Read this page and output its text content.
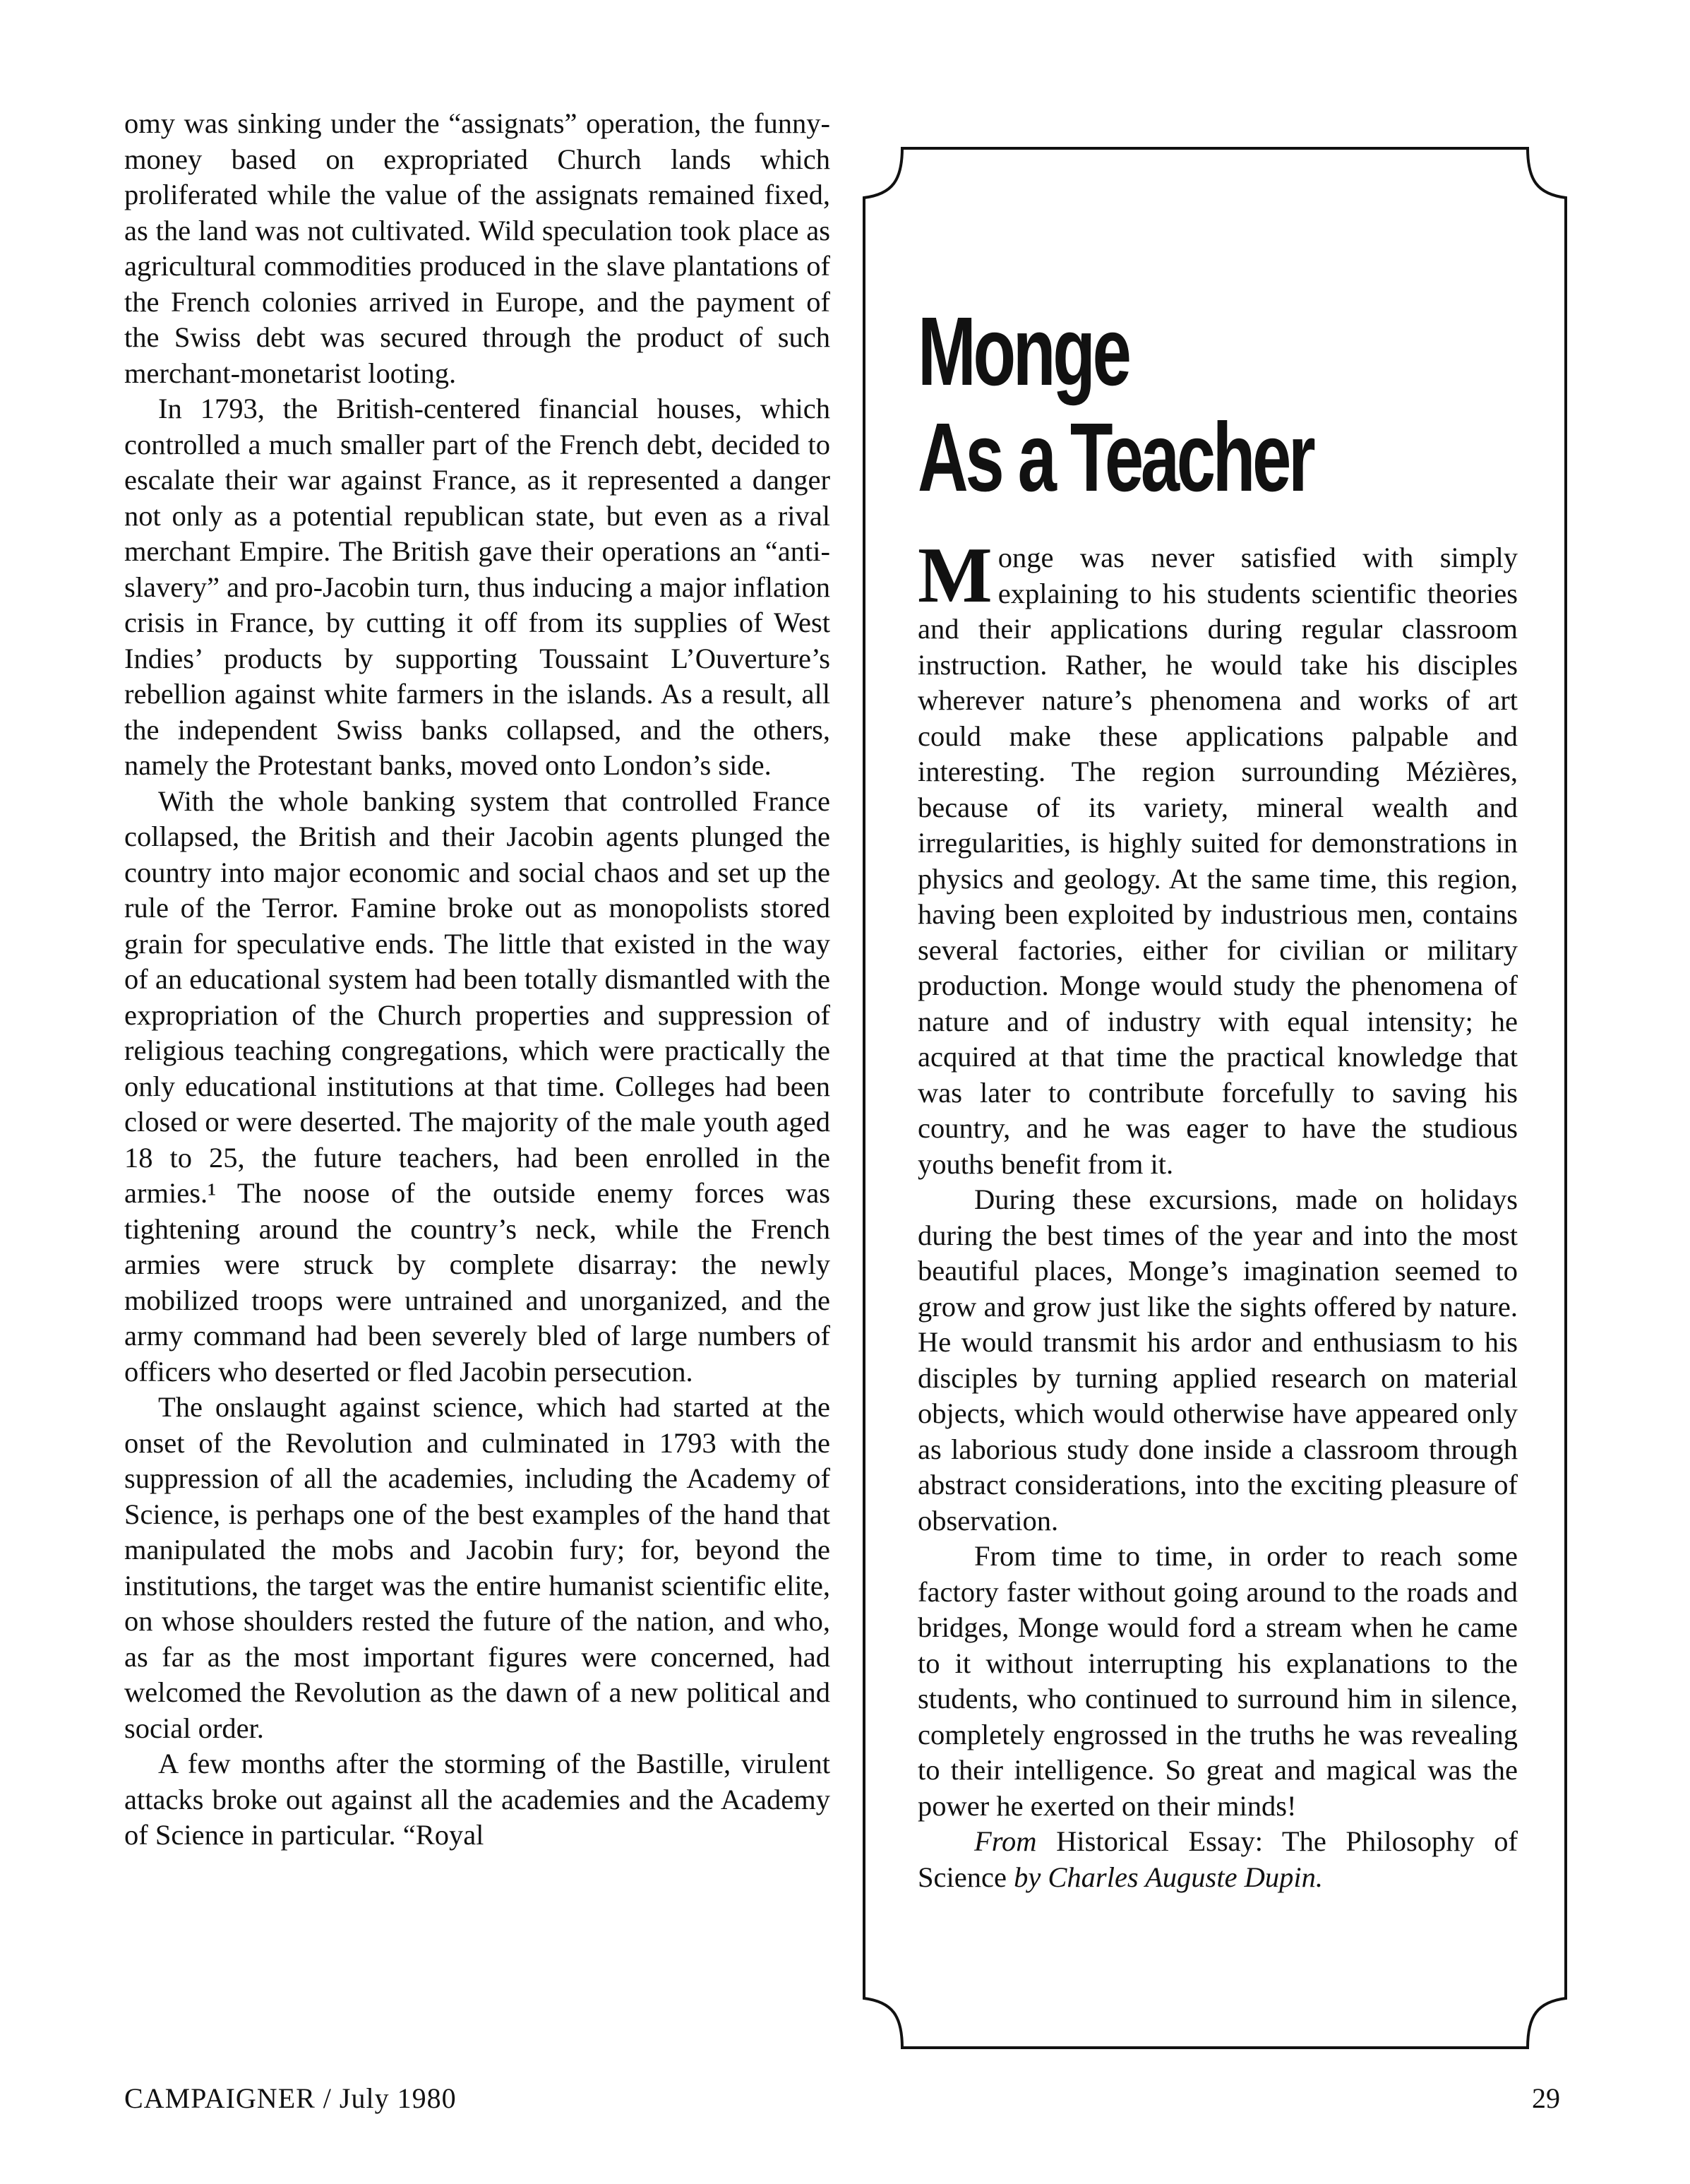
omy was sinking under the “assignats” operation, the funny-money based on expropriated Church lands which proliferated while the value of the assignats remained fixed, as the land was not cultivated. Wild speculation took place as agricultural commodities produced in the slave plantations of the French colonies arrived in Europe, and the payment of the Swiss debt was secured through the product of such merchant-monetarist looting.

In 1793, the British-centered financial houses, which controlled a much smaller part of the French debt, decided to escalate their war against France, as it represented a danger not only as a potential republican state, but even as a rival merchant Empire. The British gave their operations an “anti-slavery” and pro-Jacobin turn, thus inducing a major inflation crisis in France, by cutting it off from its supplies of West Indies’ products by supporting Toussaint L’Ouverture’s rebellion against white farmers in the islands. As a result, all the independent Swiss banks collapsed, and the others, namely the Protestant banks, moved onto London’s side.

With the whole banking system that controlled France collapsed, the British and their Jacobin agents plunged the country into major economic and social chaos and set up the rule of the Terror. Famine broke out as monopolists stored grain for speculative ends. The little that existed in the way of an educational system had been totally dismantled with the expropriation of the Church properties and suppression of religious teaching congregations, which were practically the only educational institutions at that time. Colleges had been closed or were deserted. The majority of the male youth aged 18 to 25, the future teachers, had been enrolled in the armies.¹ The noose of the outside enemy forces was tightening around the country’s neck, while the French armies were struck by complete disarray: the newly mobilized troops were untrained and unorganized, and the army command had been severely bled of large numbers of officers who deserted or fled Jacobin persecution.

The onslaught against science, which had started at the onset of the Revolution and culminated in 1793 with the suppression of all the academies, including the Academy of Science, is perhaps one of the best examples of the hand that manipulated the mobs and Jacobin fury; for, beyond the institutions, the target was the entire humanist scientific elite, on whose shoulders rested the future of the nation, and who, as far as the most important figures were concerned, had welcomed the Revolution as the dawn of a new political and social order.

A few months after the storming of the Bastille, virulent attacks broke out against all the academies and the Academy of Science in particular. “Royal

Monge
As a Teacher

Monge was never satisfied with simply explaining to his students scientific theories and their applications during regular classroom instruction. Rather, he would take his disciples wherever nature’s phenomena and works of art could make these applications palpable and interesting. The region surrounding Mézières, because of its variety, mineral wealth and irregularities, is highly suited for demonstrations in physics and geology. At the same time, this region, having been exploited by industrious men, contains several factories, either for civilian or military production. Monge would study the phenomena of nature and of industry with equal intensity; he acquired at that time the practical knowledge that was later to contribute forcefully to saving his country, and he was eager to have the studious youths benefit from it.

During these excursions, made on holidays during the best times of the year and into the most beautiful places, Monge’s imagination seemed to grow and grow just like the sights offered by nature. He would transmit his ardor and enthusiasm to his disciples by turning applied research on material objects, which would otherwise have appeared only as laborious study done inside a classroom through abstract considerations, into the exciting pleasure of observation.

From time to time, in order to reach some factory faster without going around to the roads and bridges, Monge would ford a stream when he came to it without interrupting his explanations to the students, who continued to surround him in silence, completely engrossed in the truths he was revealing to their intelligence. So great and magical was the power he exerted on their minds!

From Historical Essay: The Philosophy of Science by Charles Auguste Dupin.

CAMPAIGNER / July 1980	29
